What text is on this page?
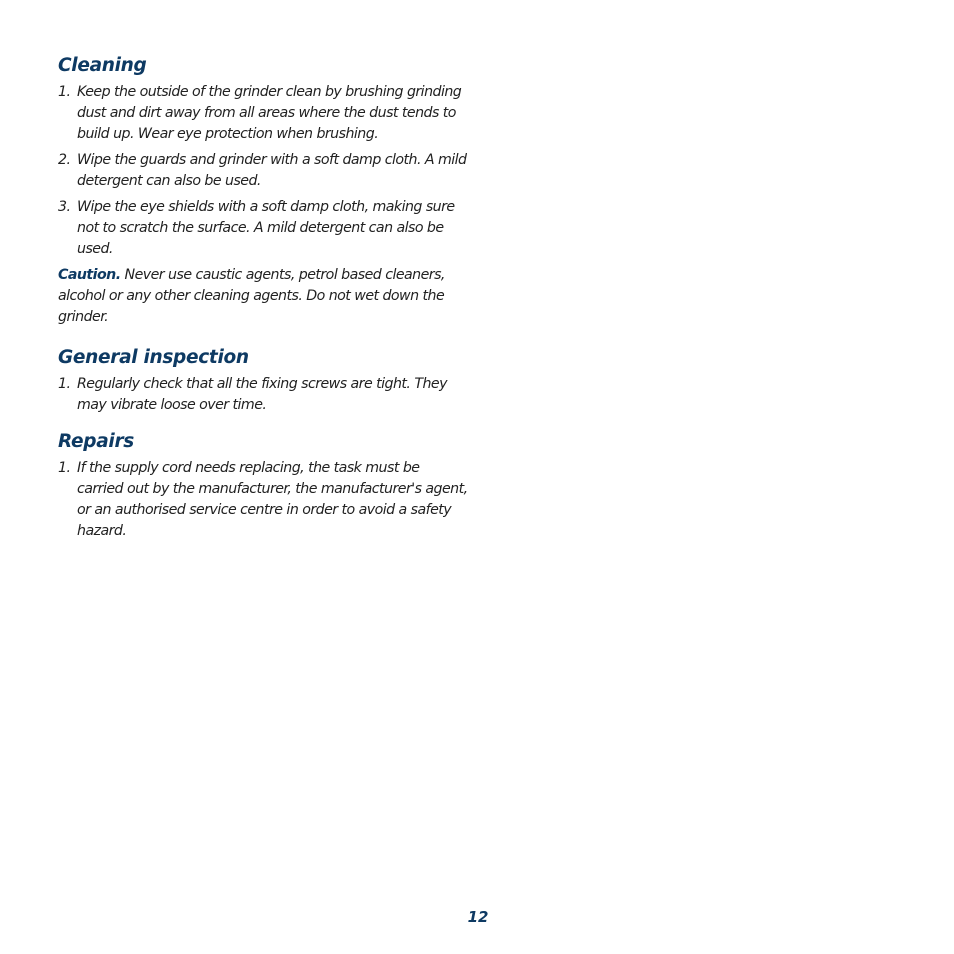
Cleaning
1. Keep the outside of the grinder clean by brushing grinding dust and dirt away from all areas where the dust tends to build up. Wear eye protection when brushing.
2. Wipe the guards and grinder with a soft damp cloth. A mild detergent can also be used.
3. Wipe the eye shields with a soft damp cloth, making sure not to scratch the surface. A mild detergent can also be used.

Caution. Never use caustic agents, petrol based cleaners, alcohol or any other cleaning agents. Do not wet down the grinder.

General inspection
1. Regularly check that all the fixing screws are tight. They may vibrate loose over time.
Repairs
1. If the supply cord needs replacing, the task must be carried out by the manufacturer, the manufacturer's agent, or an authorised service centre in order to avoid a safety hazard.
12
